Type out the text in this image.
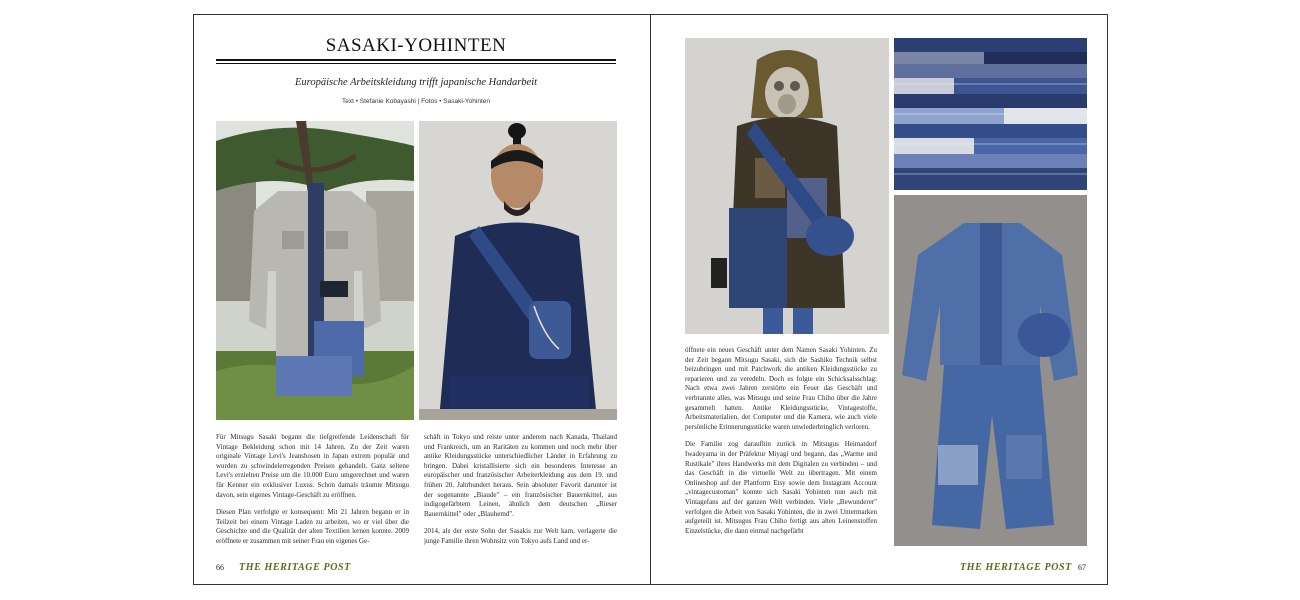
SASAKI-YOHINTEN
Europäische Arbeitskleidung trifft japanische Handarbeit
Text • Stefanie Kobayashi | Fotos • Sasaki-Yohinten

Für Mitsugu Sasaki begann die tiefgreifende Leidenschaft für Vintage Bekleidung schon mit 14 Jahren. Zu der Zeit waren originale Vintage Levi's Jeanshosen in Japan extrem populär und wurden zu schwindelerregenden Preisen gehandelt. Ganz seltene Levi's erzielten Preise um die 10.000 Euro umgerechnet und waren für Kenner ein exklusiver Luxus. Schon damals träumte Mitsugu davon, sein eigenes Vintage-Geschäft zu eröffnen.

Diesen Plan verfolgte er konsequent: Mit 21 Jahren begann er in Teilzeit bei einem Vintage Laden zu arbeiten, wo er viel über die Geschichte und die Qualität der alten Textilien lernen konnte. 2009 eröffnete er zusammen mit seiner Frau ein eigenes Ge-

schäft in Tokyo und reiste unter anderem nach Kanada, Thailand und Frankreich, um an Raritäten zu kommen und noch mehr über antike Kleidungsstücke unterschiedlicher Länder in Erfahrung zu bringen. Dabei kristallisierte sich ein besonderes Interesse an europäischer und französischer Arbeiterkleidung aus dem 19. und frühen 20. Jahrhundert heraus. Sein absoluter Favorit darunter ist der sogenannte „Biaude" – ein französischer Bauernkittel, aus indigogefärbtem Leinen, ähnlich dem deutschen „Rieser Bauernkittel" oder „Blauhemd".

2014, als der erste Sohn der Sasakis zur Welt kam, verlagerte die junge Familie ihren Wohnsitz von Tokyo aufs Land und er-

66 THE HERITAGE POST

öffnete ein neues Geschäft unter dem Namen Sasaki Yohinten. Zu der Zeit begann Mitsugu Sasaki, sich die Sashiko Technik selbst beizubringen und mit Patchwork die antiken Kleidungsstücke zu reparieren und zu veredeln. Doch es folgte ein Schicksalsschlag: Nach etwa zwei Jahren zerstörte ein Feuer das Geschäft und verbrannte alles, was Mitsugu und seine Frau Chiho über die Jahre gesammelt hatten. Antike Kleidungsstücke, Vintagestoffe, Arbeitsmaterialien, der Computer und die Kamera, wie auch viele persönliche Erinnerungsstücke waren unwiederbringlich verloren.

Die Familie zog daraufhin zurück in Mitsugus Heimatdorf Iwadeyama in der Präfektur Miyagi und begann, das „Warme und Rustikale" ihres Handwerks mit dem Digitalen zu verbinden – und das Geschäft in die virtuelle Welt zu übertragen. Mit einem Onlineshop auf der Plattform Etsy sowie dem Instagram Account „vintagecustoman" konnte sich Sasaki Yohinten nun auch mit Vintagefans auf der ganzen Welt verbinden. Viele „Bewunderer" verfolgen die Arbeit von Sasaki Yohinten, die in zwei Untermarken aufgeteilt ist. Mitsugus Frau Chiho fertigt aus alten Leinenstoffen Einzelstücke, die dann einmal nachgefärbt

THE HERITAGE POST 67
